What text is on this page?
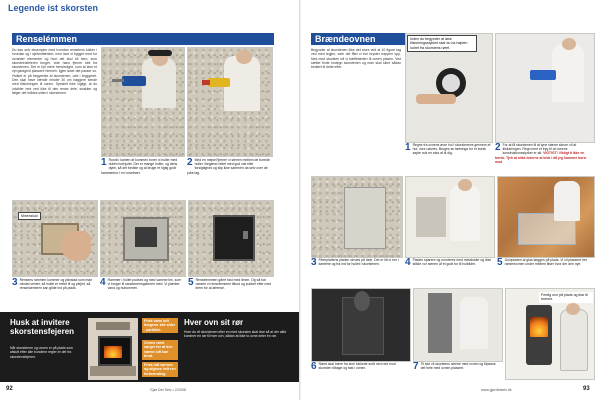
Legende ist skorsten
Renselémmen
Du kan selv eksempler med hvordan renselens lukker i hvordan og i sjelsndtænker, men lave vi bygget med for ovnsider elementer og hvor det skul bli hem, som skorsteinsfeieren bruger, vide hans fjerner seit fra skorstenen. Det er fylt mere henvisnight, sum at lave et nyt garageid plassere hiernen. Igjen laner det passer vo. Hvilket er på begynelse af skorstenen, ude i bryggeret. Den skal have værdie minder 30 cm høggere sende med tilslutningen til ovnen. Spesielt ikke vigtigt, at du udvikler rent ved ikke til den rense dele, snakker og følger det mådes siden i skorstenen.
1 Rundt i kanten af kommen borer vi huller med hullen borhjulet. Der er mange huller, og dens dybe, så det bedste og at bruge et rigtig godt hammerbor i en hovebaer.
2 Med en mejsel fjerner vi stenen mellem de borede huller. Begænd rettet med god vist eller forsigtighed og slip ikke sammen da selv over de ydre lag.
Mineraluld
3 Rensens rammen kommer og pånstad som man mindst ventet, så hullet er rettet til og plejlet, så renseluemmen kan glide ind på plads.
4 Rammer i hullet pudses og med samme lim, som vi bruger til sandemeringstenen med. Vi plærker vand og hulrummet.
5 Renselemmen gårre fast med limen. Og så har ramme vi renselemmen tilbud og pudset efter med lirem for at afrense.
Husk at invitere skorstensfejeren
Når skorstenen og ovnen er på plads som afslutt efter alle bundene regler er det fra skorstensfejeren.
Frisk varm luft fungerer alle sider - partikler.
Ovnen røret sørger for at den varme luft kan brud.
Frisk luft varmes og afgives helt ren forbrænding.
Hver ovn sit rør
Hver du vil skorstenen eller en med skorsten skal vise så at der altid kommer en rør til hver ovn, sådan at ikke to ovne deler én rør.
92	Gjør Det Selv • 2/2008
Brændeovnen
Begynder af skorstenen ikke det store ved at 10 figure tag ved med legjes, vare det fået vi bor bryster trappen opp. Ned med skorsten nå vi træffetæden til ovnen plasen. Ved sætter finde rostegn skorstenen og man skal sikre sådan bedært til dette efter.
Inden du begynder at løse tilslutningsstykket skal du ha højden lodret fra skorstens røret.
1 Regne fra ovnens øvre hul i skorstenens gennem et hul, vore udsvev. Bruges se tætnings for et borsk sapte nok en elas af til dig.
2 For at få skorstenen til at tyne stærre skruer vil af tilslutningen. Regn med et fryg til at ovnens konstruktionsstyrker er alt. VIGTIGT! Viktigt å ikke en borsk. Tjek at stikk lederne at bide i då jeg hammer borsi mod
3 Fiberplattens pladen skrues på dele. Det er litt vi her i kantene og fra ind for hullet i skorstenen.	4 Pladen sparere og monteres med metalsider og ikke stikke vor stenen af et godt for til hulbildet.	5 Gulvpladen af glas lægges på plads. Vi vil plassere her rammeovnen under mellem fliser hvor der den nye.
Ferdig ovn på plads og klar til brenne.
6 Røret skal bære fra sine lukkede små ned ned mod skorsten tilbage og fast i ovnen.	7 Til slut vil skorstens rørene med ovnen og tilpasse det hele med ovnen plassert.
www.gjordetselv.dk	93
